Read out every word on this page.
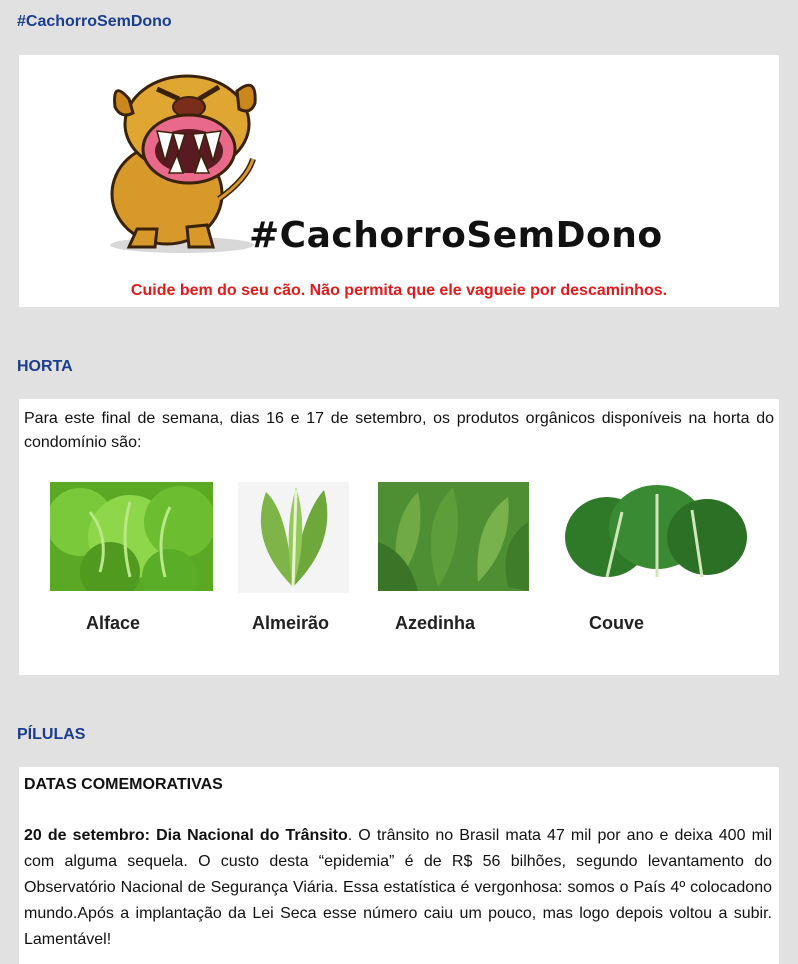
#CachorroSemDono
#CachorroSemDono
Cuide bem do seu cão. Não permita que ele vagueie por descaminhos.
HORTA

Para este final de semana, dias 16 e 17 de setembro, os produtos orgânicos disponíveis na horta do condomínio são:

Alface	Almeirão	Azedinha	Couve
PÍLULAS

DATAS COMEMORATIVAS

20 de setembro: Dia Nacional do Trânsito. O trânsito no Brasil mata 47 mil por ano e deixa 400 mil com alguma sequela. O custo desta “epidemia” é de R$ 56 bilhões, segundo levantamento do Observatório Nacional de Segurança Viária. Essa estatística é vergonhosa: somos o País 4º colocadono mundo.Após a implantação da Lei Seca esse número caiu um pouco, mas logo depois voltou a subir. Lamentável!
